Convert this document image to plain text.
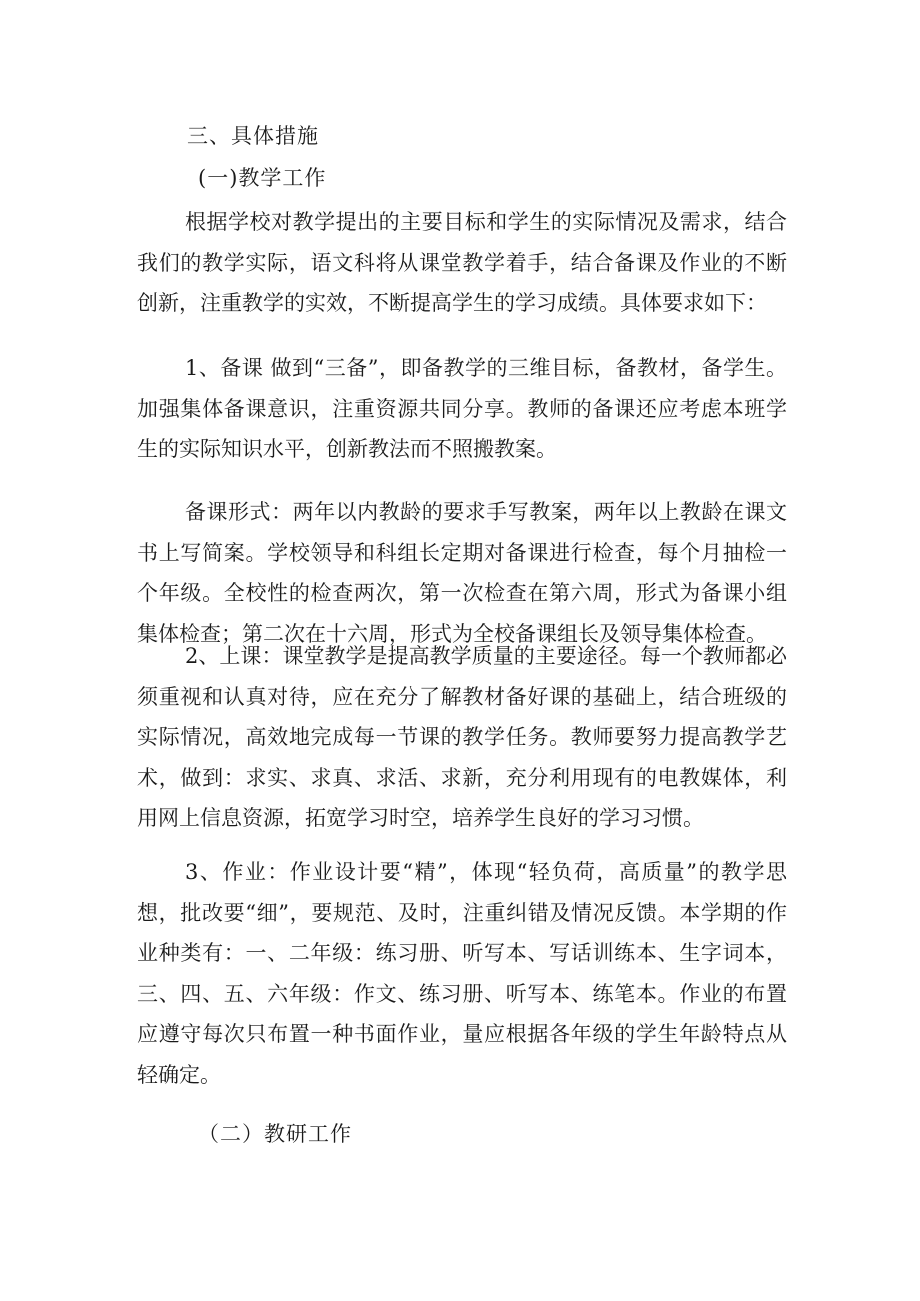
三、具体措施
(一)教学工作

根据学校对教学提出的主要目标和学生的实际情况及需求，结合我们的教学实际，语文科将从课堂教学着手，结合备课及作业的不断创新，注重教学的实效，不断提高学生的学习成绩。具体要求如下：

1、备课 做到“三备”，即备教学的三维目标，备教材，备学生。加强集体备课意识，注重资源共同分享。教师的备课还应考虑本班学生的实际知识水平，创新教法而不照搬教案。

备课形式：两年以内教龄的要求手写教案，两年以上教龄在课文书上写简案。学校领导和科组长定期对备课进行检查，每个月抽检一个年级。全校性的检查两次，第一次检查在第六周，形式为备课小组集体检查；第二次在十六周，形式为全校备课组长及领导集体检查。

2、上课：课堂教学是提高教学质量的主要途径。每一个教师都必须重视和认真对待，应在充分了解教材备好课的基础上，结合班级的实际情况，高效地完成每一节课的教学任务。教师要努力提高教学艺术，做到：求实、求真、求活、求新，充分利用现有的电教媒体，利用网上信息资源，拓宽学习时空，培养学生良好的学习习惯。

3、作业：作业设计要“精”，体现“轻负荷，高质量”的教学思想，批改要“细”，要规范、及时，注重纠错及情况反馈。本学期的作业种类有：一、二年级：练习册、听写本、写话训练本、生字词本，三、四、五、六年级：作文、练习册、听写本、练笔本。作业的布置应遵守每次只布置一种书面作业，量应根据各年级的学生年龄特点从轻确定。

（二）教研工作
